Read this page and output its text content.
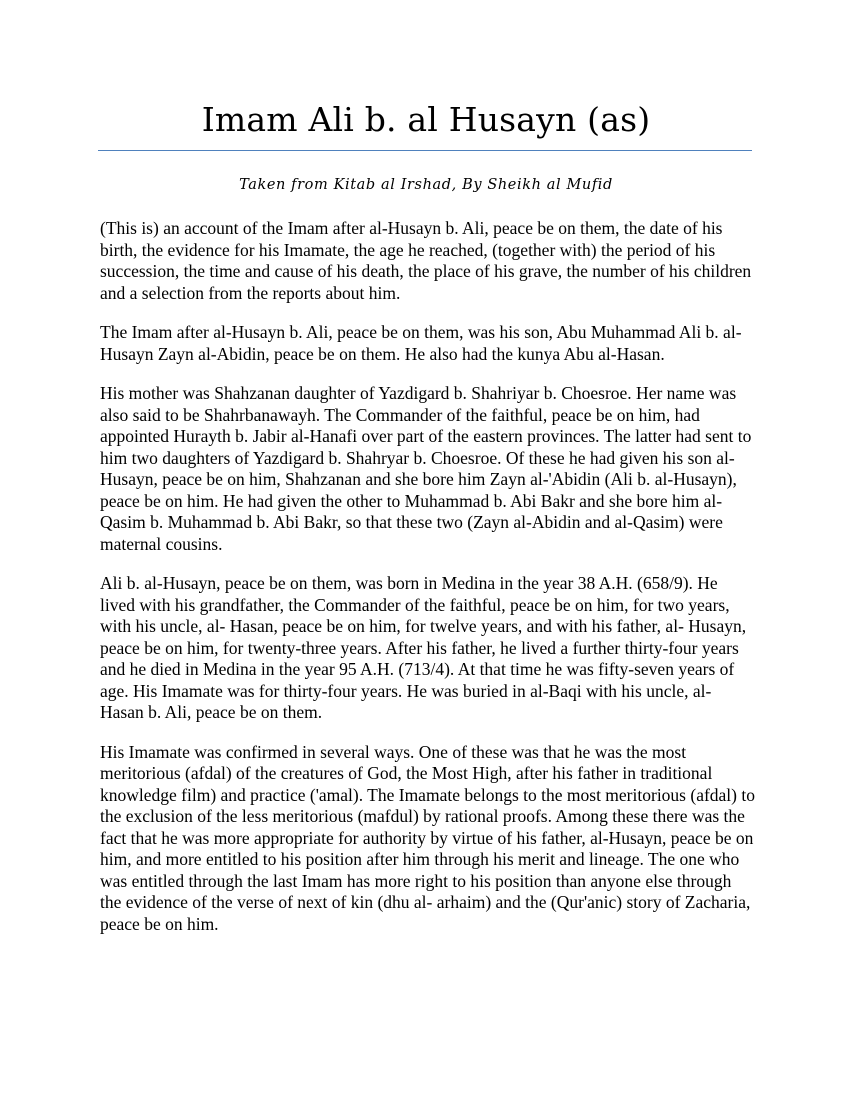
Imam Ali b. al Husayn (as)

Taken from Kitab al Irshad, By Sheikh al Mufid

(This is) an account of the Imam after al-Husayn b. Ali, peace be on them, the date of his birth, the evidence for his Imamate, the age he reached, (together with) the period of his succession, the time and cause of his death, the place of his grave, the number of his children and a selection from the reports about him.

The Imam after al-Husayn b. Ali, peace be on them, was his son, Abu Muhammad Ali b. al-Husayn Zayn al-Abidin, peace be on them. He also had the kunya Abu al-Hasan.

His mother was Shahzanan daughter of Yazdigard b. Shahriyar b. Choesroe. Her name was also said to be Shahrbanawayh. The Commander of the faithful, peace be on him, had appointed Hurayth b. Jabir al-Hanafi over part of the eastern provinces. The latter had sent to him two daughters of Yazdigard b. Shahryar b. Choesroe. Of these he had given his son al-Husayn, peace be on him, Shahzanan and she bore him Zayn al-'Abidin (Ali b. al-Husayn), peace be on him. He had given the other to Muhammad b. Abi Bakr and she bore him al-Qasim b. Muhammad b. Abi Bakr, so that these two (Zayn al-Abidin and al-Qasim) were maternal cousins.

Ali b. al-Husayn, peace be on them, was born in Medina in the year 38 A.H. (658/9). He lived with his grandfather, the Commander of the faithful, peace be on him, for two years, with his uncle, al- Hasan, peace be on him, for twelve years, and with his father, al- Husayn, peace be on him, for twenty-three years. After his father, he lived a further thirty-four years and he died in Medina in the year 95 A.H. (713/4). At that time he was fifty-seven years of age. His Imamate was for thirty-four years. He was buried in al-Baqi with his uncle, al-Hasan b. Ali, peace be on them.

His Imamate was confirmed in several ways. One of these was that he was the most meritorious (afdal) of the creatures of God, the Most High, after his father in traditional knowledge film) and practice ('amal). The Imamate belongs to the most meritorious (afdal) to the exclusion of the less meritorious (mafdul) by rational proofs. Among these there was the fact that he was more appropriate for authority by virtue of his father, al-Husayn, peace be on him, and more entitled to his position after him through his merit and lineage. The one who was entitled through the last Imam has more right to his position than anyone else through the evidence of the verse of next of kin (dhu al- arhaim) and the (Qur'anic) story of Zacharia, peace be on him.
